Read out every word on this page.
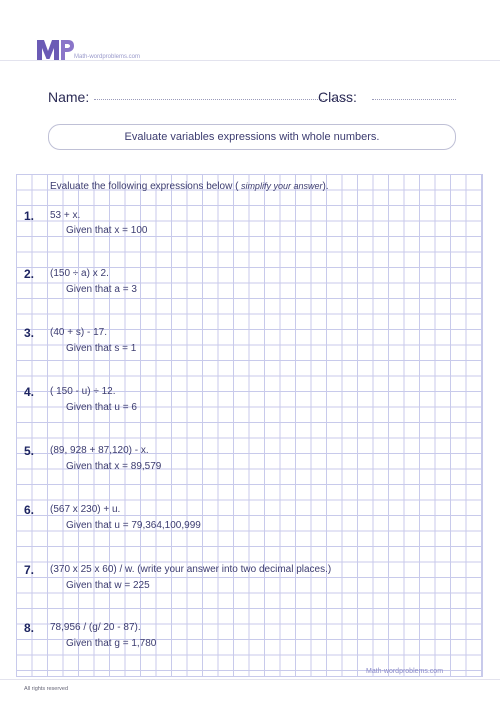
Math-wordproblems.com
Name:	Class:
Evaluate variables expressions with whole numbers.
Evaluate the following expressions below ( simplify your answer).
1. 53 + x.
Given that x = 100
2. (150 ÷ a) x 2.
Given that a = 3
3. (40 + s) - 17.
Given that s = 1
4. ( 150 - u) ÷ 12.
Given that u = 6
5. (89, 928 + 87,120) - x.
Given that x = 89,579
6. (567 x 230) + u.
Given that u = 79,364,100,999
7. (370 x 25 x 60) / w. (write your answer into two decimal places.)
Given that w = 225
8. 78,956 / (g/ 20 - 87).
Given that g = 1,780
Math-wordproblems.com
All rights reserved
